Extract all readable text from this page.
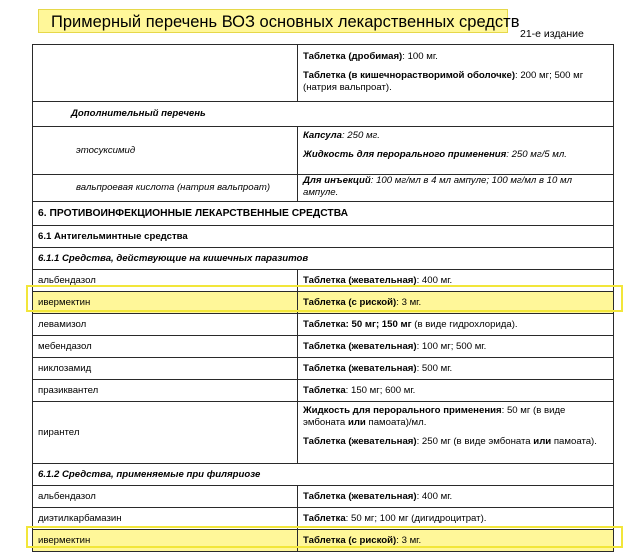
Примерный перечень ВОЗ основных лекарственных средств
21-е издание

	Таблетка (дробимая): 100 мг.
Таблетка (в кишечнорастворимой оболочке): 200 мг; 500 мг (натрия вальпроат).

Дополнительный перечень	
этосуксимид	Капсула: 250 мг.
Жидкость для перорального применения: 250 мг/5 мл.

вальпроевая кислота (натрия вальпроат)	Для инъекций: 100 мг/мл в 4 мл ампуле; 100 мг/мл в 10 мл ампуле.
6. ПРОТИВОИНФЕКЦИОННЫЕ ЛЕКАРСТВЕННЫЕ СРЕДСТВА	
6.1 Антигельминтные средства	
6.1.1 Средства, действующие на кишечных паразитов	
альбендазол	Таблетка (жевательная): 400 мг.
ивермектин	Таблетка (с риской): 3 мг.
левамизол	Таблетка: 50 мг; 150 мг (в виде гидрохлорида).
мебендазол	Таблетка (жевательная): 100 мг; 500 мг.
никлозамид	Таблетка (жевательная): 500 мг.
празиквантел	Таблетка: 150 мг; 600 мг.
пирантел	Жидкость для перорального применения: 50 мг (в виде эмбоната или памоата)/мл.
Таблетка (жевательная): 250 мг (в виде эмбоната или памоата).

6.1.2 Средства, применяемые при филяриозе	
альбендазол	Таблетка (жевательная): 400 мг.
диэтилкарбамазин	Таблетка: 50 мг; 100 мг (дигидроцитрат).
ивермектин	Таблетка (с риской): 3 мг.
